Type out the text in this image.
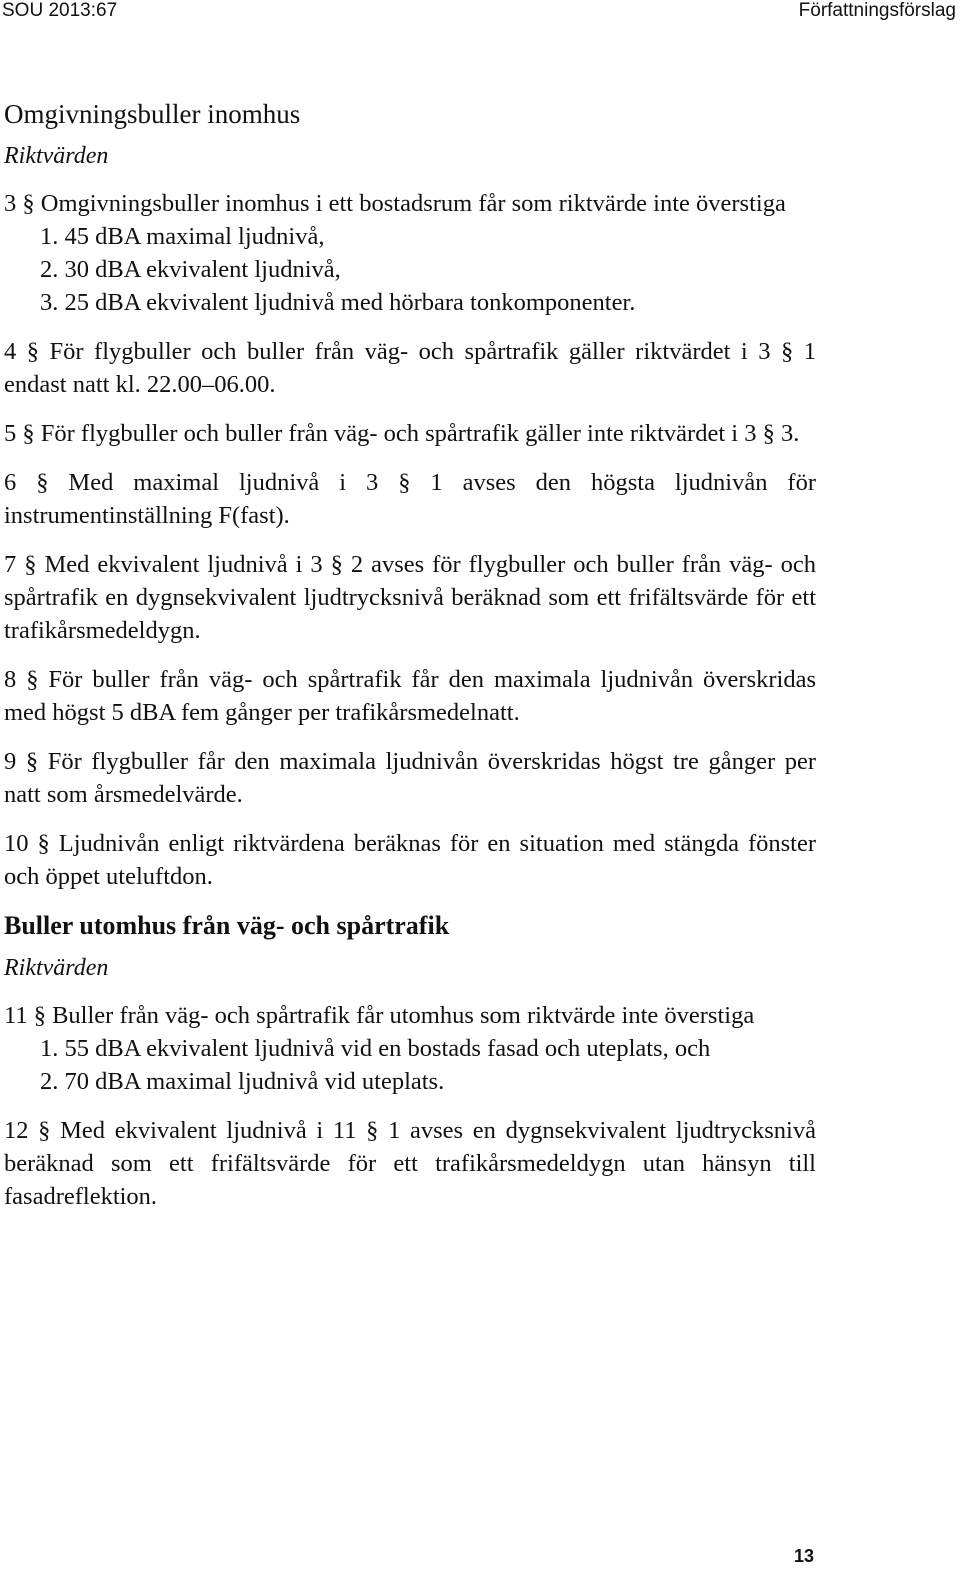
SOU 2013:67	Författningsförslag
Omgivningsbuller inomhus
Riktvärden

3 § Omgivningsbuller inomhus i ett bostadsrum får som riktvärde inte överstiga

1. 45 dBA maximal ljudnivå,
2. 30 dBA ekvivalent ljudnivå,
3. 25 dBA ekvivalent ljudnivå med hörbara tonkomponenter.

4 § För flygbuller och buller från väg- och spårtrafik gäller riktvärdet i 3 § 1 endast natt kl. 22.00–06.00.

5 § För flygbuller och buller från väg- och spårtrafik gäller inte riktvärdet i 3 § 3.

6 § Med maximal ljudnivå i 3 § 1 avses den högsta ljudnivån för instrumentinställning F(fast).

7 § Med ekvivalent ljudnivå i 3 § 2 avses för flygbuller och buller från väg- och spårtrafik en dygnsekvivalent ljudtrycksnivå beräknad som ett frifältsvärde för ett trafikårsmedeldygn.

8 § För buller från väg- och spårtrafik får den maximala ljudnivån överskridas med högst 5 dBA fem gånger per trafikårsmedelnatt.

9 § För flygbuller får den maximala ljudnivån överskridas högst tre gånger per natt som årsmedelvärde.

10 § Ljudnivån enligt riktvärdena beräknas för en situation med stängda fönster och öppet uteluftdon.

Buller utomhus från väg- och spårtrafik
Riktvärden

11 § Buller från väg- och spårtrafik får utomhus som riktvärde inte överstiga

1. 55 dBA ekvivalent ljudnivå vid en bostads fasad och uteplats, och
2. 70 dBA maximal ljudnivå vid uteplats.

12 § Med ekvivalent ljudnivå i 11 § 1 avses en dygnsekvivalent ljudtrycksnivå beräknad som ett frifältsvärde för ett trafikårsmedeldygn utan hänsyn till fasadreflektion.

13
